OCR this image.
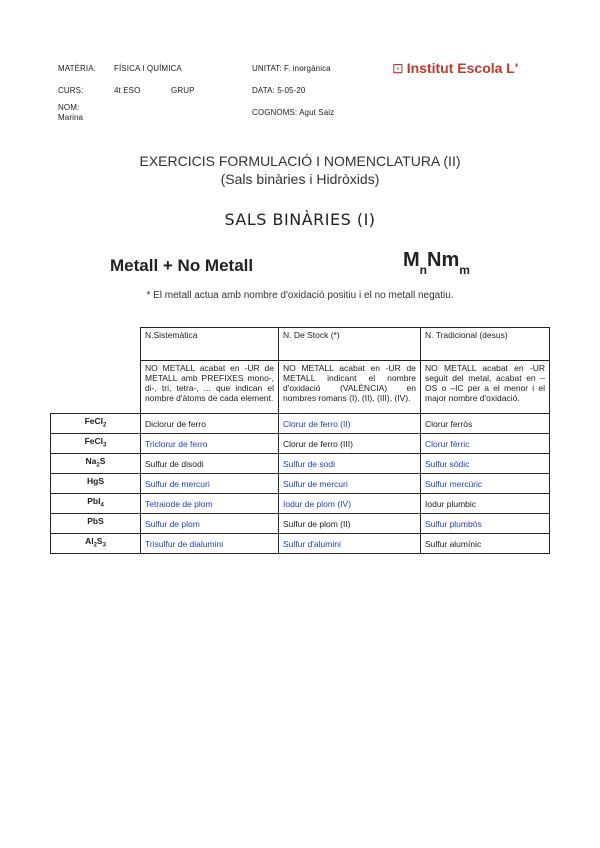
MATÈRIA: FÍSICA I QUÍMICA	UNITAT: F. inorgànica	⊡ Institut Escola L'
CURS:	4t ESO	GRUP	DATA: 5-05-20
NOM:
Marina
COGNOMS: Agut Saiz
EXERCICIS FORMULACIÓ I NOMENCLATURA (II)
(Sals binàries i Hidròxids)
SALS BINÀRIES (I)
Metall + No Metall	$M_nNm_m$
* El metall actua amb nombre d'oxidació positiu i el no metall negatiu.
	N.Sistemàtica	N. De Stock (*)	N. Tradicional (desus)
	NO METALL acabat en -UR de METALL amb PREFIXES mono-, di-, tri, tetra-, ... que indican el nombre d'àtoms de cada element.	NO METALL acabat en -UR de METALL indicant el nombre d'oxidació (VALÈNCIA) en nombres romans (I), (II), (III), (IV).	NO METALL acabat en -UR seguit del metal, acabat en –OS o –IC per a el menor i el major nombre d'oxidació.
FeCl$_2$	Diclorur de ferro	Clorur de ferro (II)	Clorur ferròs
FeCl$_3$	Triclorur de ferro	Clorur de ferro (III)	Clorur fèrric
$Na_2S$	Sulfur de disodi	Sulfur de sodi	Sulfur sòdic
HgS	Sulfur de mercuri	Sulfur de mercuri	Sulfur mercúric
PbI$_4$	Tetraiode de plom	Iodur de plom (IV)	Iodur plumbic
PbS	Sulfur de plom	Sulfur de plom (II)	Sulfur plumbós
$Al_2S_3$	Trisulfur de dialumini	Sulfur d'alumini	Sulfur alumínic
